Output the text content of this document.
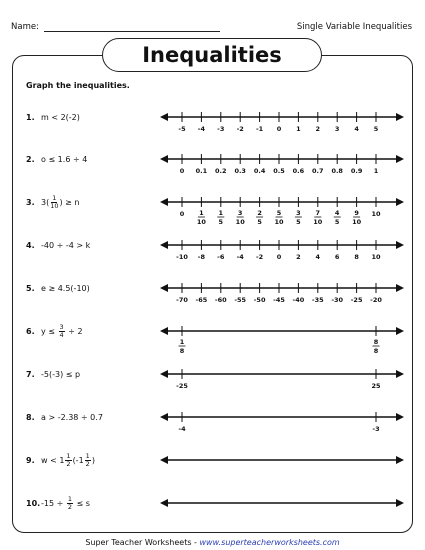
Name:	Single Variable Inequalities
Inequalities
Graph the inequalities.
1. m < 2(-2)
2. o ≤ 1.6 ÷ 4
3. $3( \frac{1}{10}$ ) ≥ n
4. -40 ÷ -4 > k
5. e ≥ 4.5(-10)
6. $y \le \frac{3}{4} \div 2$
7. -5(-3) ≤ p
8. a > -2.38 ÷ 0.7
9. $w < 1 \frac{1}{2} (-1 \frac{1}{2}$ )
10. $-15 \div \frac{1}{2} \le s$
-5 -4 -3 -2 -1 0 1 2 3 4 5
0 0.1 0.2 0.3 0.4 0.5 0.6 0.7 0.8 0.9 1
0 1
10
1
5
3
10
2
5
5
10
3
5
7
10
4
5
9
10
10
-10 -8 -6 -4 -2 0 2 4 6 8 10
-70 -65 -60 -55 -50 -45 -40 -35 -30 -25 -20
1
8
8
8
-25	25
-4	-3
Super Teacher Worksheets - www.superteacherworksheets.com
